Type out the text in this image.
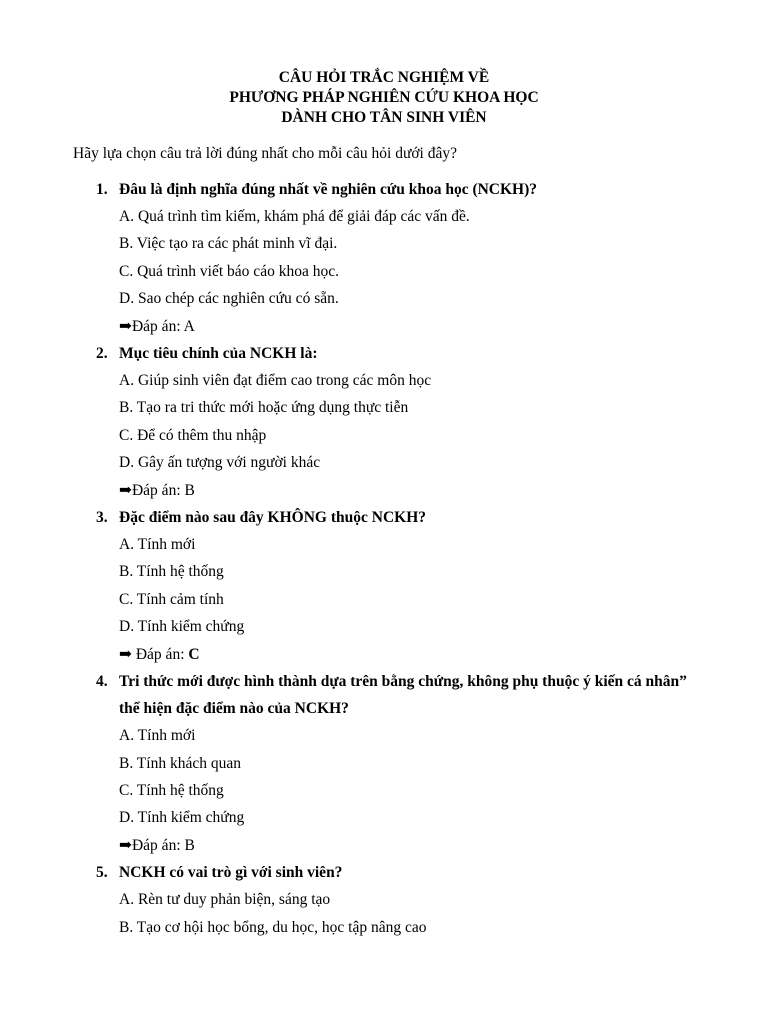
CÂU HỎI TRẮC NGHIỆM VỀ
PHƯƠNG PHÁP NGHIÊN CỨU KHOA HỌC
DÀNH CHO TÂN SINH VIÊN
Hãy lựa chọn câu trả lời đúng nhất cho mỗi câu hỏi dưới đây?
1. Đâu là định nghĩa đúng nhất về nghiên cứu khoa học (NCKH)?
A. Quá trình tìm kiếm, khám phá để giải đáp các vấn đề.
B. Việc tạo ra các phát minh vĩ đại.
C. Quá trình viết báo cáo khoa học.
D. Sao chép các nghiên cứu có sẵn.
➡Đáp án: A
2. Mục tiêu chính của NCKH là:
A. Giúp sinh viên đạt điểm cao trong các môn học
B. Tạo ra tri thức mới hoặc ứng dụng thực tiễn
C. Để có thêm thu nhập
D. Gây ấn tượng với người khác
➡Đáp án: B
3. Đặc điểm nào sau đây KHÔNG thuộc NCKH?
A. Tính mới
B. Tính hệ thống
C. Tính cảm tính
D. Tính kiểm chứng
➡ Đáp án: C
4. Tri thức mới được hình thành dựa trên bằng chứng, không phụ thuộc ý kiến cá nhân” thể hiện đặc điểm nào của NCKH?
A. Tính mới
B. Tính khách quan
C. Tính hệ thống
D. Tính kiểm chứng
➡Đáp án: B
5. NCKH có vai trò gì với sinh viên?
A. Rèn tư duy phản biện, sáng tạo
B. Tạo cơ hội học bổng, du học, học tập nâng cao
